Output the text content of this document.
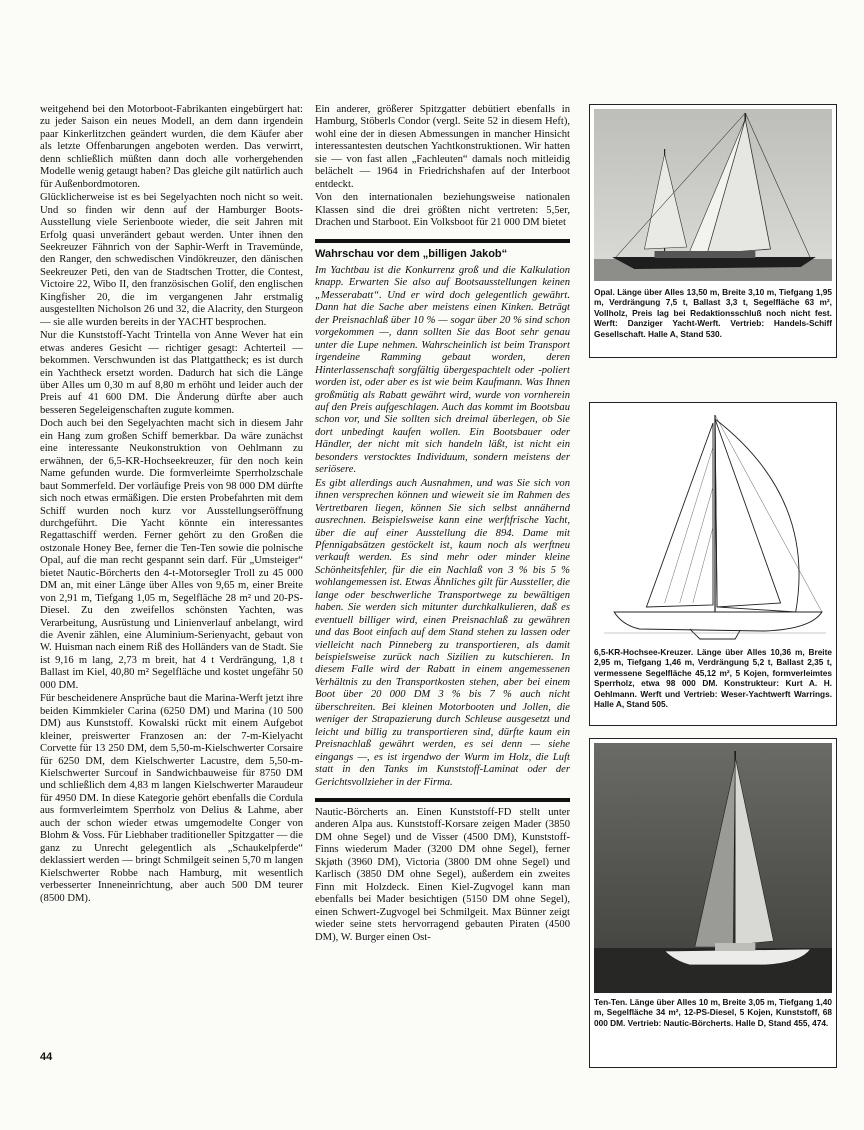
weitgehend bei den Motorboot-Fabrikanten eingebürgert hat: zu jeder Saison ein neues Modell, an dem dann irgendein paar Kinkerlitzchen geändert wurden, die dem Käufer aber als letzte Offenbarungen angeboten werden. Das verwirrt, denn schließlich müßten dann doch alle vorhergehenden Modelle wenig getaugt haben? Das gleiche gilt natürlich auch für Außenbordmotoren.

Glücklicherweise ist es bei Segelyachten noch nicht so weit. Und so finden wir denn auf der Hamburger Boots-Ausstellung viele Serienboote wieder, die seit Jahren mit Erfolg quasi unverändert gebaut werden. Unter ihnen den Seekreuzer Fähnrich von der Saphir-Werft in Travemünde, den Ranger, den schwedischen Vindökreuzer, den dänischen Seekreuzer Peti, den van de Stadtschen Trotter, die Contest, Victoire 22, Wibo II, den französischen Golif, den englischen Kingfisher 20, die im vergangenen Jahr erstmalig ausgestellten Nicholson 26 und 32, die Alacrity, den Sturgeon — sie alle wurden bereits in der YACHT besprochen.

Nur die Kunststoff-Yacht Trintella von Anne Wever hat ein etwas anderes Gesicht — richtiger gesagt: Achterteil — bekommen. Verschwunden ist das Plattgattheck; es ist durch ein Yachtheck ersetzt worden. Dadurch hat sich die Länge über Alles um 0,30 m auf 8,80 m erhöht und leider auch der Preis auf 41 600 DM. Die Änderung dürfte aber auch besseren Segeleigenschaften zugute kommen.

Doch auch bei den Segelyachten macht sich in diesem Jahr ein Hang zum großen Schiff bemerkbar. Da wäre zunächst eine interessante Neukonstruktion von Oehlmann zu erwähnen, der 6,5-KR-Hochseekreuzer, für den noch kein Name gefunden wurde. Die formverleimte Sperrholzschale baut Sommerfeld. Der vorläufige Preis von 98 000 DM dürfte sich noch etwas ermäßigen. Die ersten Probefahrten mit dem Schiff wurden noch kurz vor Ausstellungseröffnung durchgeführt. Die Yacht könnte ein interessantes Regattaschiff werden. Ferner gehört zu den Großen die ostzonale Honey Bee, ferner die Ten-Ten sowie die polnische Opal, auf die man recht gespannt sein darf. Für „Umsteiger“ bietet Nautic-Börcherts den 4-t-Motorsegler Troll zu 45 000 DM an, mit einer Länge über Alles von 9,65 m, einer Breite von 2,91 m, Tiefgang 1,05 m, Segelfläche 28 m² und 20-PS-Diesel. Zu den zweifellos schönsten Yachten, was Verarbeitung, Ausrüstung und Linienverlauf anbelangt, wird die Avenir zählen, eine Aluminium-Serienyacht, gebaut von W. Huisman nach einem Riß des Holländers van de Stadt. Sie ist 9,16 m lang, 2,73 m breit, hat 4 t Verdrängung, 1,8 t Ballast im Kiel, 40,80 m² Segelfläche und kostet ungefähr 50 000 DM.

Für bescheidenere Ansprüche baut die Marina-Werft jetzt ihre beiden Kimmkieler Carina (6250 DM) und Marina (10 500 DM) aus Kunststoff. Kowalski rückt mit einem Aufgebot kleiner, preiswerter Franzosen an: der 7-m-Kielyacht Corvette für 13 250 DM, dem 5,50-m-Kielschwerter Corsaire für 6250 DM, dem Kielschwerter Lacustre, dem 5,50-m-Kielschwerter Surcouf in Sandwichbauweise für 8750 DM und schließlich dem 4,83 m langen Kielschwerter Maraudeur für 4950 DM. In diese Kategorie gehört ebenfalls die Cordula aus formverleimtem Sperrholz von Delius & Lahme, aber auch der schon wieder etwas umgemodelte Conger von Blohm & Voss. Für Liebhaber traditioneller Spitzgatter — die ganz zu Unrecht gelegentlich als „Schaukelpferde“ deklassiert werden — bringt Schmilgeit seinen 5,70 m langen Kielschwerter Robbe nach Hamburg, mit wesentlich verbesserter Inneneinrichtung, aber auch 500 DM teurer (8500 DM).

Ein anderer, größerer Spitzgatter debütiert ebenfalls in Hamburg, Stöberls Condor (vergl. Seite 52 in diesem Heft), wohl eine der in diesen Abmessungen in mancher Hinsicht interessantesten deutschen Yachtkonstruktionen. Wir hatten sie — von fast allen „Fachleuten“ damals noch mitleidig belächelt — 1964 in Friedrichshafen auf der Interboot entdeckt.

Von den internationalen beziehungsweise nationalen Klassen sind die drei größten nicht vertreten: 5,5er, Drachen und Starboot. Ein Volksboot für 21 000 DM bietet

Wahrschau vor dem „billigen Jakob“

Im Yachtbau ist die Konkurrenz groß und die Kalkulation knapp. Erwarten Sie also auf Bootsausstellungen keinen „Messerabatt“. Und er wird doch gelegentlich gewährt. Dann hat die Sache aber meistens einen Kinken. Beträgt der Preisnachlaß über 10 % — sogar über 20 % sind schon vorgekommen —, dann sollten Sie das Boot sehr genau unter die Lupe nehmen. Wahrscheinlich ist beim Transport irgendeine Ramming gebaut worden, deren Hinterlassenschaft sorgfältig übergespachtelt oder -poliert worden ist, oder aber es ist wie beim Kaufmann. Was Ihnen großmütig als Rabatt gewährt wird, wurde von vornherein auf den Preis aufgeschlagen. Auch das kommt im Bootsbau schon vor, und Sie sollten sich dreimal überlegen, ob Sie dort unbedingt kaufen wollen. Ein Bootsbauer oder Händler, der nicht mit sich handeln läßt, ist nicht ein besonders verstocktes Individuum, sondern meistens der seriösere.

Es gibt allerdings auch Ausnahmen, und was Sie sich von ihnen versprechen können und wieweit sie im Rahmen des Vertretbaren liegen, können Sie sich selbst annähernd ausrechnen. Beispielsweise kann eine werftfrische Yacht, über die auf einer Ausstellung die 894. Dame mit Pfennigabsätzen gestöckelt ist, kaum noch als werftneu verkauft werden. Es sind mehr oder minder kleine Schönheitsfehler, für die ein Nachlaß von 3 % bis 5 % wohlangemessen ist. Etwas Ähnliches gilt für Aussteller, die lange oder beschwerliche Transportwege zu bewältigen haben. Sie werden sich mitunter durchkalkulieren, daß es eventuell billiger wird, einen Preisnachlaß zu gewähren und das Boot einfach auf dem Stand stehen zu lassen oder vielleicht nach Pinneberg zu transportieren, als damit beispielsweise zurück nach Sizilien zu kutschieren. In diesem Falle wird der Rabatt in einem angemessenen Verhältnis zu den Transportkosten stehen, aber bei einem Boot über 20 000 DM 3 % bis 7 % auch nicht überschreiten. Bei kleinen Motorbooten und Jollen, die weniger der Strapazierung durch Schleuse ausgesetzt und leicht und billig zu transportieren sind, dürfte kaum ein Preisnachlaß gewährt werden, es sei denn — siehe eingangs —, es ist irgendwo der Wurm im Holz, die Luft statt in den Tanks im Kunststoff-Laminat oder der Gerichtsvollzieher in der Firma.

Nautic-Börcherts an. Einen Kunststoff-FD stellt unter anderen Alpa aus. Kunststoff-Korsare zeigen Mader (3850 DM ohne Segel) und de Visser (4500 DM), Kunststoff-Finns wiederum Mader (3200 DM ohne Segel), ferner Skjøth (3960 DM), Victoria (3800 DM ohne Segel) und Karlisch (3850 DM ohne Segel), außerdem ein zweites Finn mit Holzdeck. Einen Kiel-Zugvogel kann man ebenfalls bei Mader besichtigen (5150 DM ohne Segel), einen Schwert-Zugvogel bei Schmilgeit. Max Bünner zeigt wieder seine stets hervorragend gebauten Piraten (4500 DM), W. Burger einen Ost-

Opal. Länge über Alles 13,50 m, Breite 3,10 m, Tiefgang 1,95 m, Verdrängung 7,5 t, Ballast 3,3 t, Segelfläche 63 m², Vollholz, Preis lag bei Redaktionsschluß noch nicht fest. Werft: Danziger Yacht-Werft. Vertrieb: Handels-Schiff Gesellschaft. Halle A, Stand 530.
6,5-KR-Hochsee-Kreuzer. Länge über Alles 10,36 m, Breite 2,95 m, Tiefgang 1,46 m, Verdrängung 5,2 t, Ballast 2,35 t, vermessene Segelfläche 45,12 m², 5 Kojen, formverleimtes Sperrholz, etwa 98 000 DM. Konstrukteur: Kurt A. H. Oehlmann. Werft und Vertrieb: Weser-Yachtwerft Warrings. Halle A, Stand 505.
Ten-Ten. Länge über Alles 10 m, Breite 3,05 m, Tiefgang 1,40 m, Segelfläche 34 m², 12-PS-Diesel, 5 Kojen, Kunststoff, 68 000 DM. Vertrieb: Nautic-Börcherts. Halle D, Stand 455, 474.
44
